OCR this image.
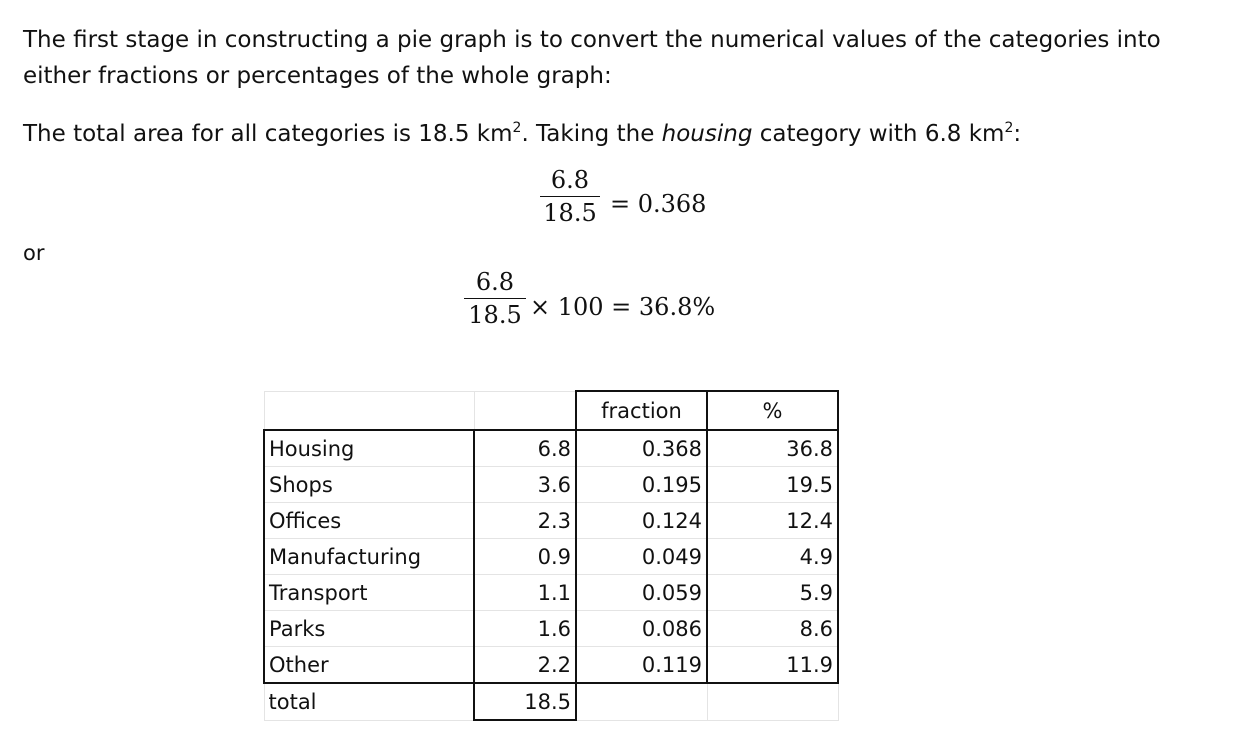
The first stage in constructing a pie graph is to convert the numerical values of the categories into either fractions or percentages of the whole graph:

The total area for all categories is 18.5 $km^2$. Taking the housing category with 6.8 $km^2$:

6.8
18.5 = 0.368

or

6.8
18.5 × 100 = 36.8%
		fraction	%
Housing	6.8	0.368	36.8
Shops	3.6	0.195	19.5
Offices	2.3	0.124	12.4
Manufacturing	0.9	0.049	4.9
Transport	1.1	0.059	5.9
Parks	1.6	0.086	8.6
Other	2.2	0.119	11.9
total	18.5		
